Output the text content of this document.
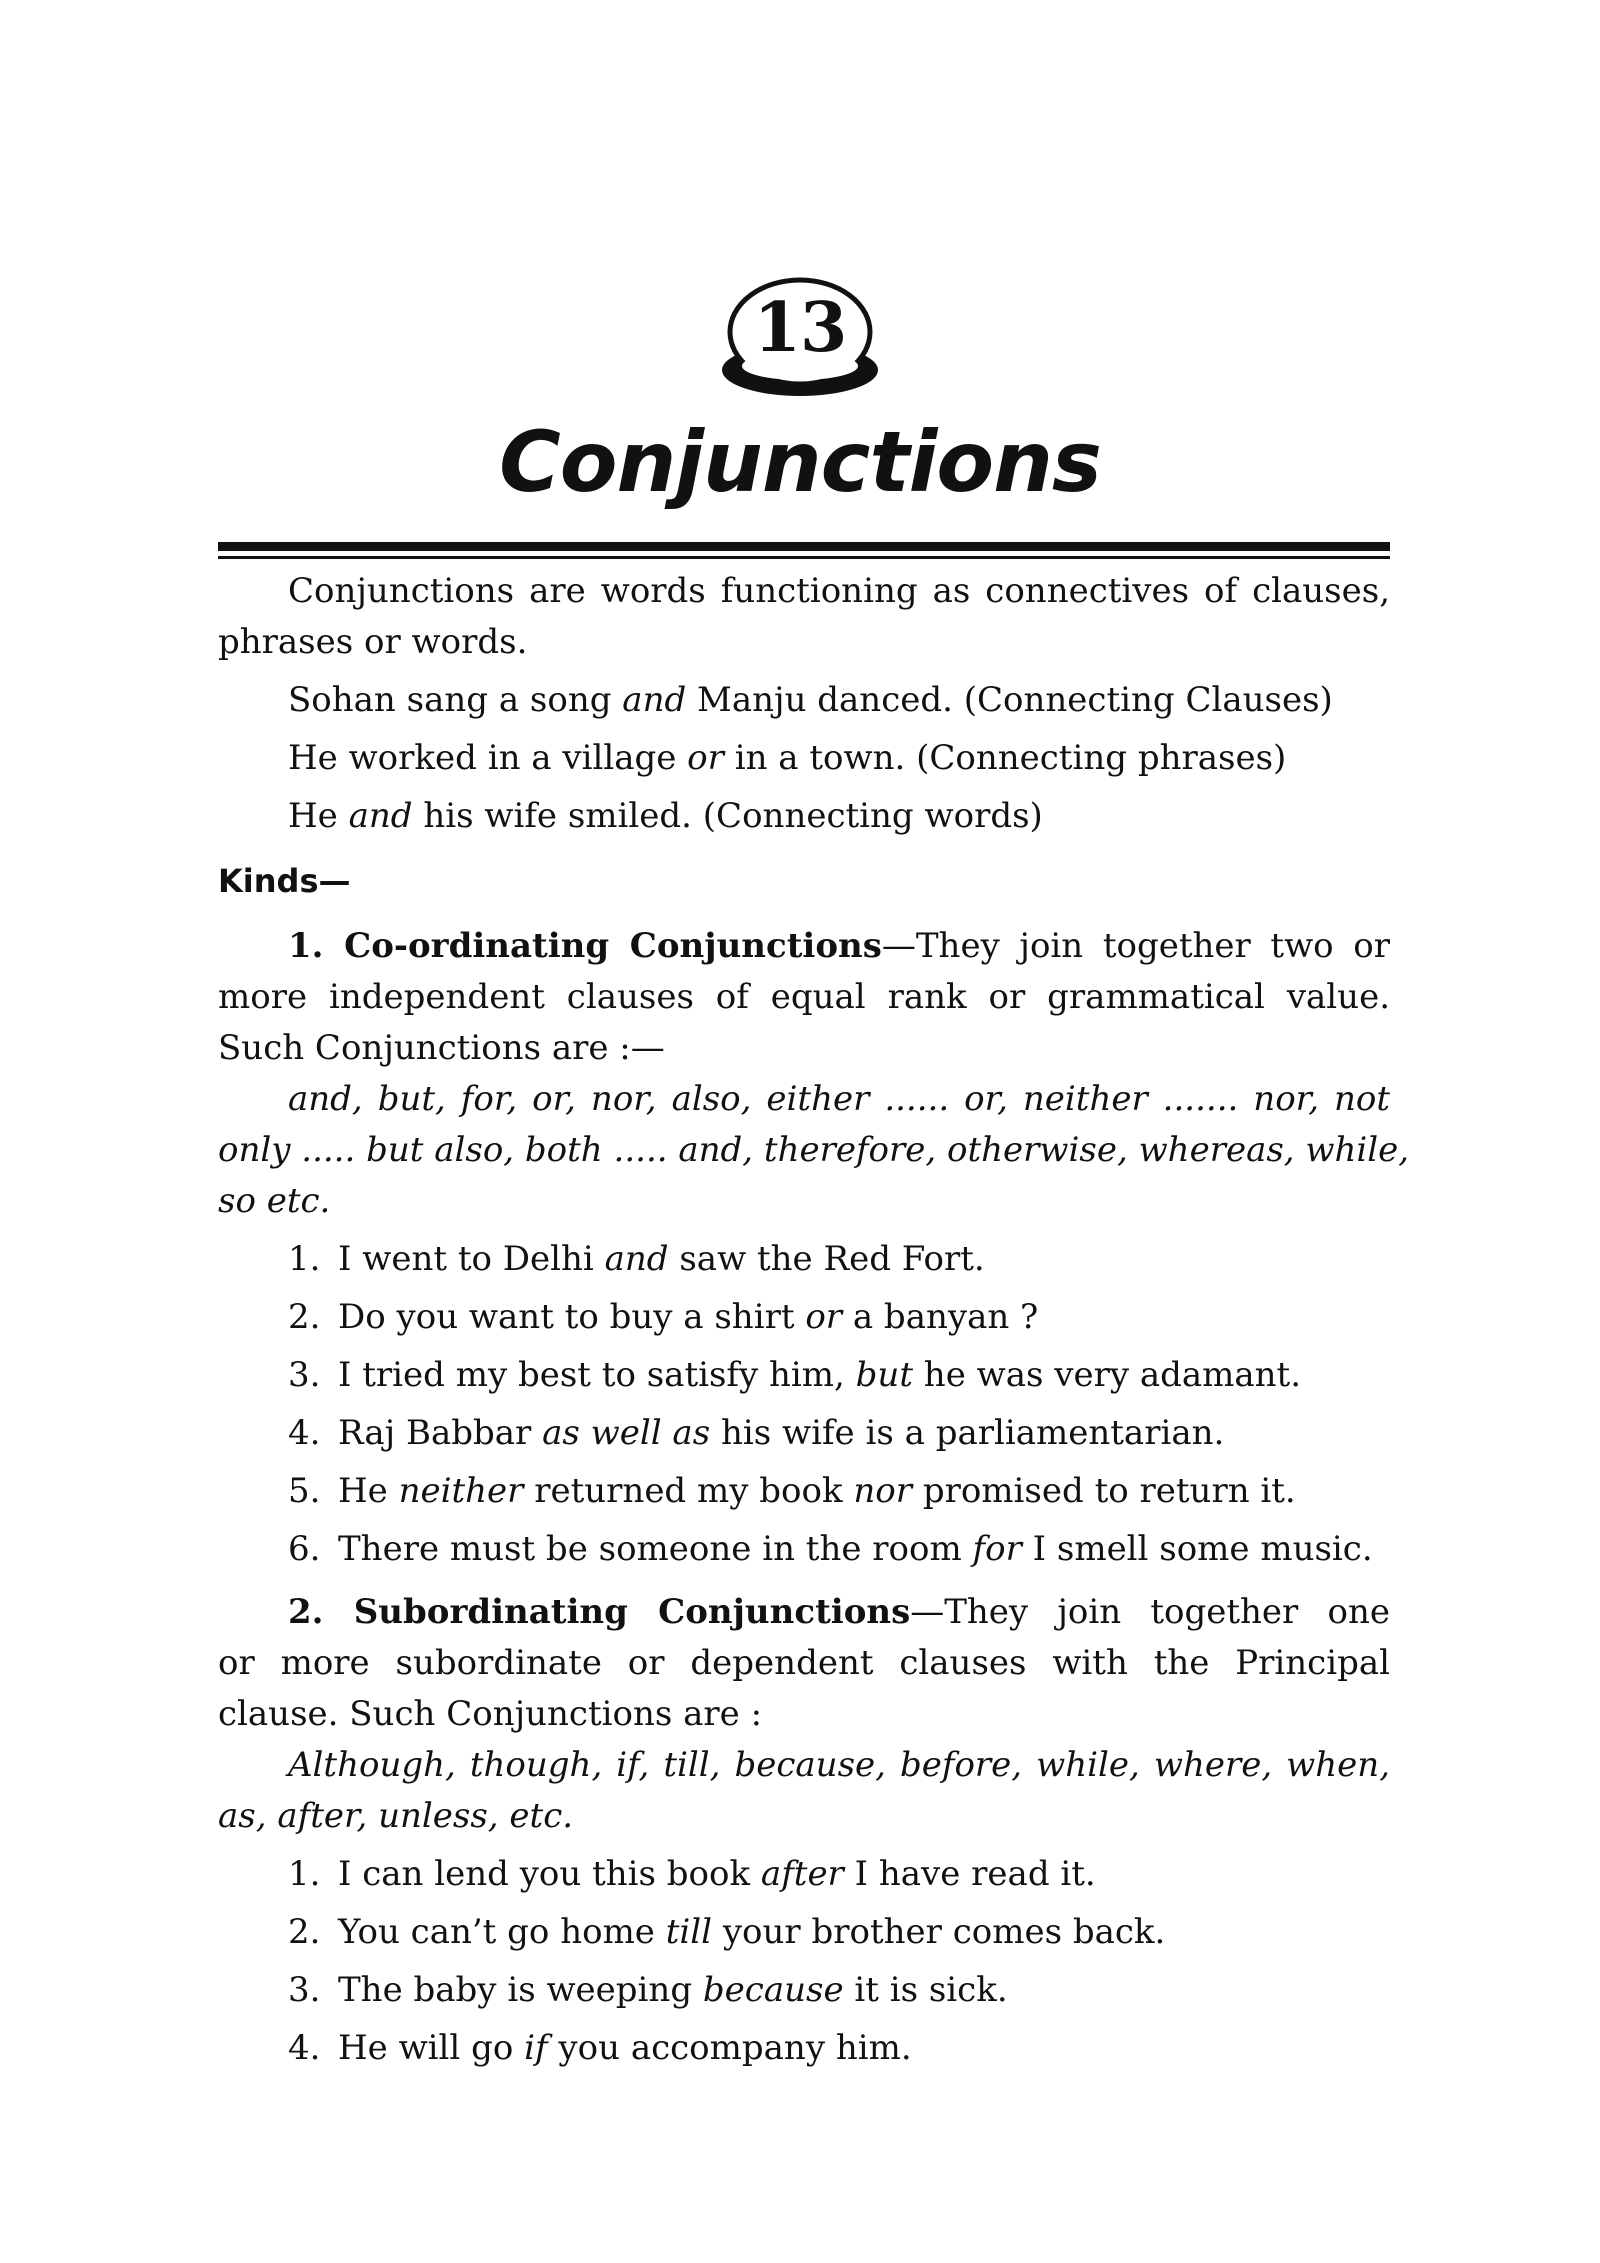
13
Conjunctions
Conjunctions are words functioning as connectives of clauses,
phrases or words.
Sohan sang a song and Manju danced. (Connecting Clauses)
He worked in a village or in a town. (Connecting phrases)
He and his wife smiled. (Connecting words)
Kinds—
1. Co-ordinating Conjunctions—They join together two or
more independent clauses of equal rank or grammatical value.
Such Conjunctions are :—
and, but, for, or, nor, also, either ...... or, neither ....... nor, not
only ..... but also, both ..... and, therefore, otherwise, whereas, while,
so etc.
1. I went to Delhi and saw the Red Fort.
2. Do you want to buy a shirt or a banyan ?
3. I tried my best to satisfy him, but he was very adamant.
4. Raj Babbar as well as his wife is a parliamentarian.
5. He neither returned my book nor promised to return it.
6. There must be someone in the room for I smell some music.
2. Subordinating Conjunctions—They join together one
or more subordinate or dependent clauses with the Principal
clause. Such Conjunctions are :
Although, though, if, till, because, before, while, where, when,
as, after, unless, etc.
1. I can lend you this book after I have read it.
2. You can’t go home till your brother comes back.
3. The baby is weeping because it is sick.
4. He will go if you accompany him.
